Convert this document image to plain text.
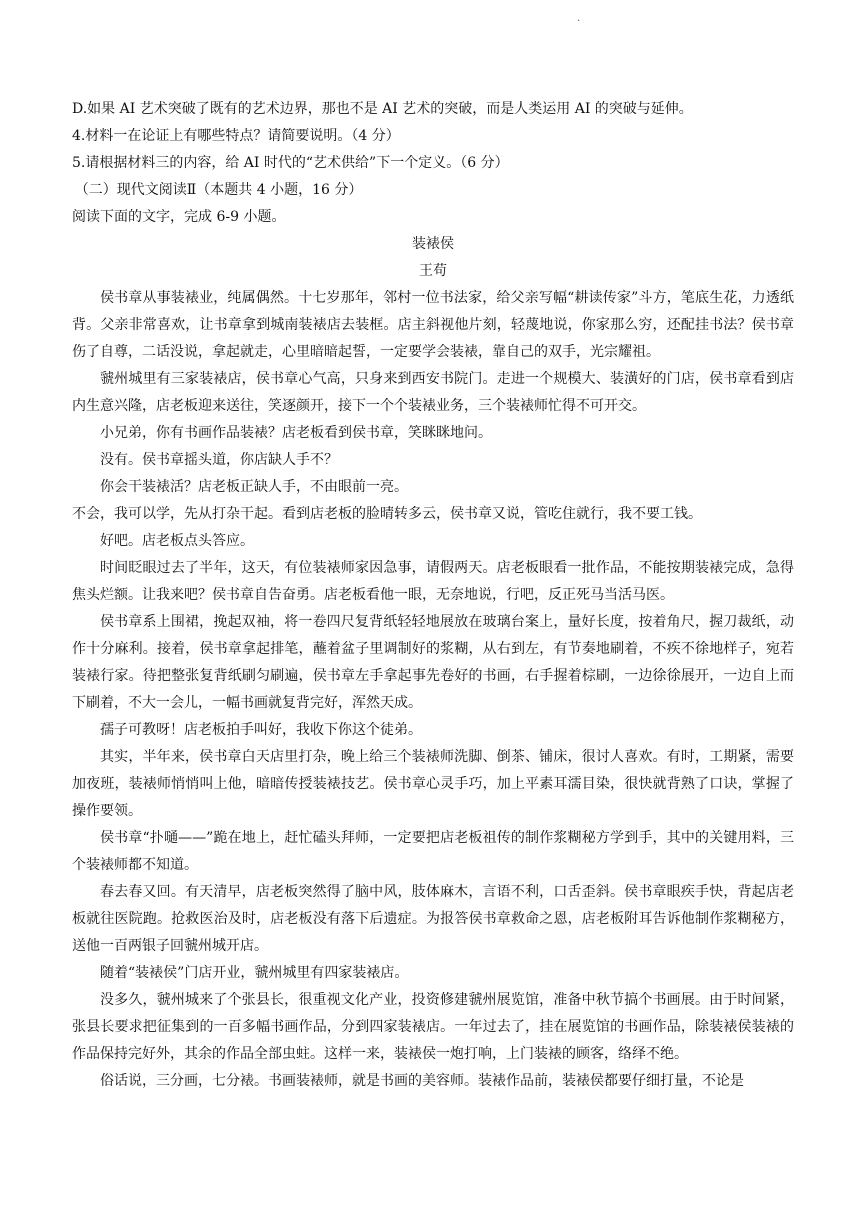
.

D.如果 AI 艺术突破了既有的艺术边界，那也不是 AI 艺术的突破，而是人类运用 AI 的突破与延伸。

4.材料一在论证上有哪些特点？请简要说明。（4 分）

5.请根据材料三的内容，给 AI 时代的“艺术供给”下一个定义。（6 分）

（二）现代文阅读Ⅱ（本题共 4 小题，16 分）

阅读下面的文字，完成 6-9 小题。

装裱侯

王苟

侯书章从事装裱业，纯属偶然。十七岁那年，邻村一位书法家，给父亲写幅“耕读传家”斗方，笔底生花，力透纸背。父亲非常喜欢，让书章拿到城南装裱店去装框。店主斜视他片刻，轻蔑地说，你家那么穷，还配挂书法？侯书章伤了自尊，二话没说，拿起就走，心里暗暗起誓，一定要学会装裱，靠自己的双手，光宗耀祖。

虢州城里有三家装裱店，侯书章心气高，只身来到西安书院门。走进一个规模大、装潢好的门店，侯书章看到店内生意兴隆，店老板迎来送往，笑逐颜开，接下一个个装裱业务，三个装裱师忙得不可开交。

小兄弟，你有书画作品装裱？店老板看到侯书章，笑眯眯地问。

没有。侯书章摇头道，你店缺人手不？

你会干装裱活？店老板正缺人手，不由眼前一亮。

不会，我可以学，先从打杂干起。看到店老板的脸晴转多云，侯书章又说，管吃住就行，我不要工钱。

好吧。店老板点头答应。

时间眨眼过去了半年，这天，有位装裱师家因急事，请假两天。店老板眼看一批作品，不能按期装裱完成，急得焦头烂额。让我来吧？侯书章自告奋勇。店老板看他一眼，无奈地说，行吧，反正死马当活马医。

侯书章系上围裙，挽起双袖，将一卷四尺复背纸轻轻地展放在玻璃台案上，量好长度，按着角尺，握刀裁纸，动作十分麻利。接着，侯书章拿起排笔，蘸着盆子里调制好的浆糊，从右到左，有节奏地刷着，不疾不徐地样子，宛若装裱行家。待把整张复背纸刷匀刷遍，侯书章左手拿起事先卷好的书画，右手握着棕刷，一边徐徐展开，一边自上而下刷着，不大一会儿，一幅书画就复背完好，浑然天成。

孺子可教呀！店老板拍手叫好，我收下你这个徒弟。

其实，半年来，侯书章白天店里打杂，晚上给三个装裱师洗脚、倒茶、铺床，很讨人喜欢。有时，工期紧，需要加夜班，装裱师悄悄叫上他，暗暗传授装裱技艺。侯书章心灵手巧，加上平素耳濡目染，很快就背熟了口诀，掌握了操作要领。

侯书章“扑嗵——”跪在地上，赶忙磕头拜师，一定要把店老板祖传的制作浆糊秘方学到手，其中的关键用料，三个装裱师都不知道。

春去春又回。有天清早，店老板突然得了脑中风，肢体麻木，言语不利，口舌歪斜。侯书章眼疾手快，背起店老板就往医院跑。抢救医治及时，店老板没有落下后遗症。为报答侯书章救命之恩，店老板附耳告诉他制作浆糊秘方，送他一百两银子回虢州城开店。

随着“装裱侯”门店开业，虢州城里有四家装裱店。

没多久，虢州城来了个张县长，很重视文化产业，投资修建虢州展览馆，准备中秋节搞个书画展。由于时间紧，张县长要求把征集到的一百多幅书画作品，分到四家装裱店。一年过去了，挂在展览馆的书画作品，除装裱侯装裱的作品保持完好外，其余的作品全部虫蛀。这样一来，装裱侯一炮打响，上门装裱的顾客，络绎不绝。

俗话说，三分画，七分裱。书画装裱师，就是书画的美容师。装裱作品前，装裱侯都要仔细打量，不论是
